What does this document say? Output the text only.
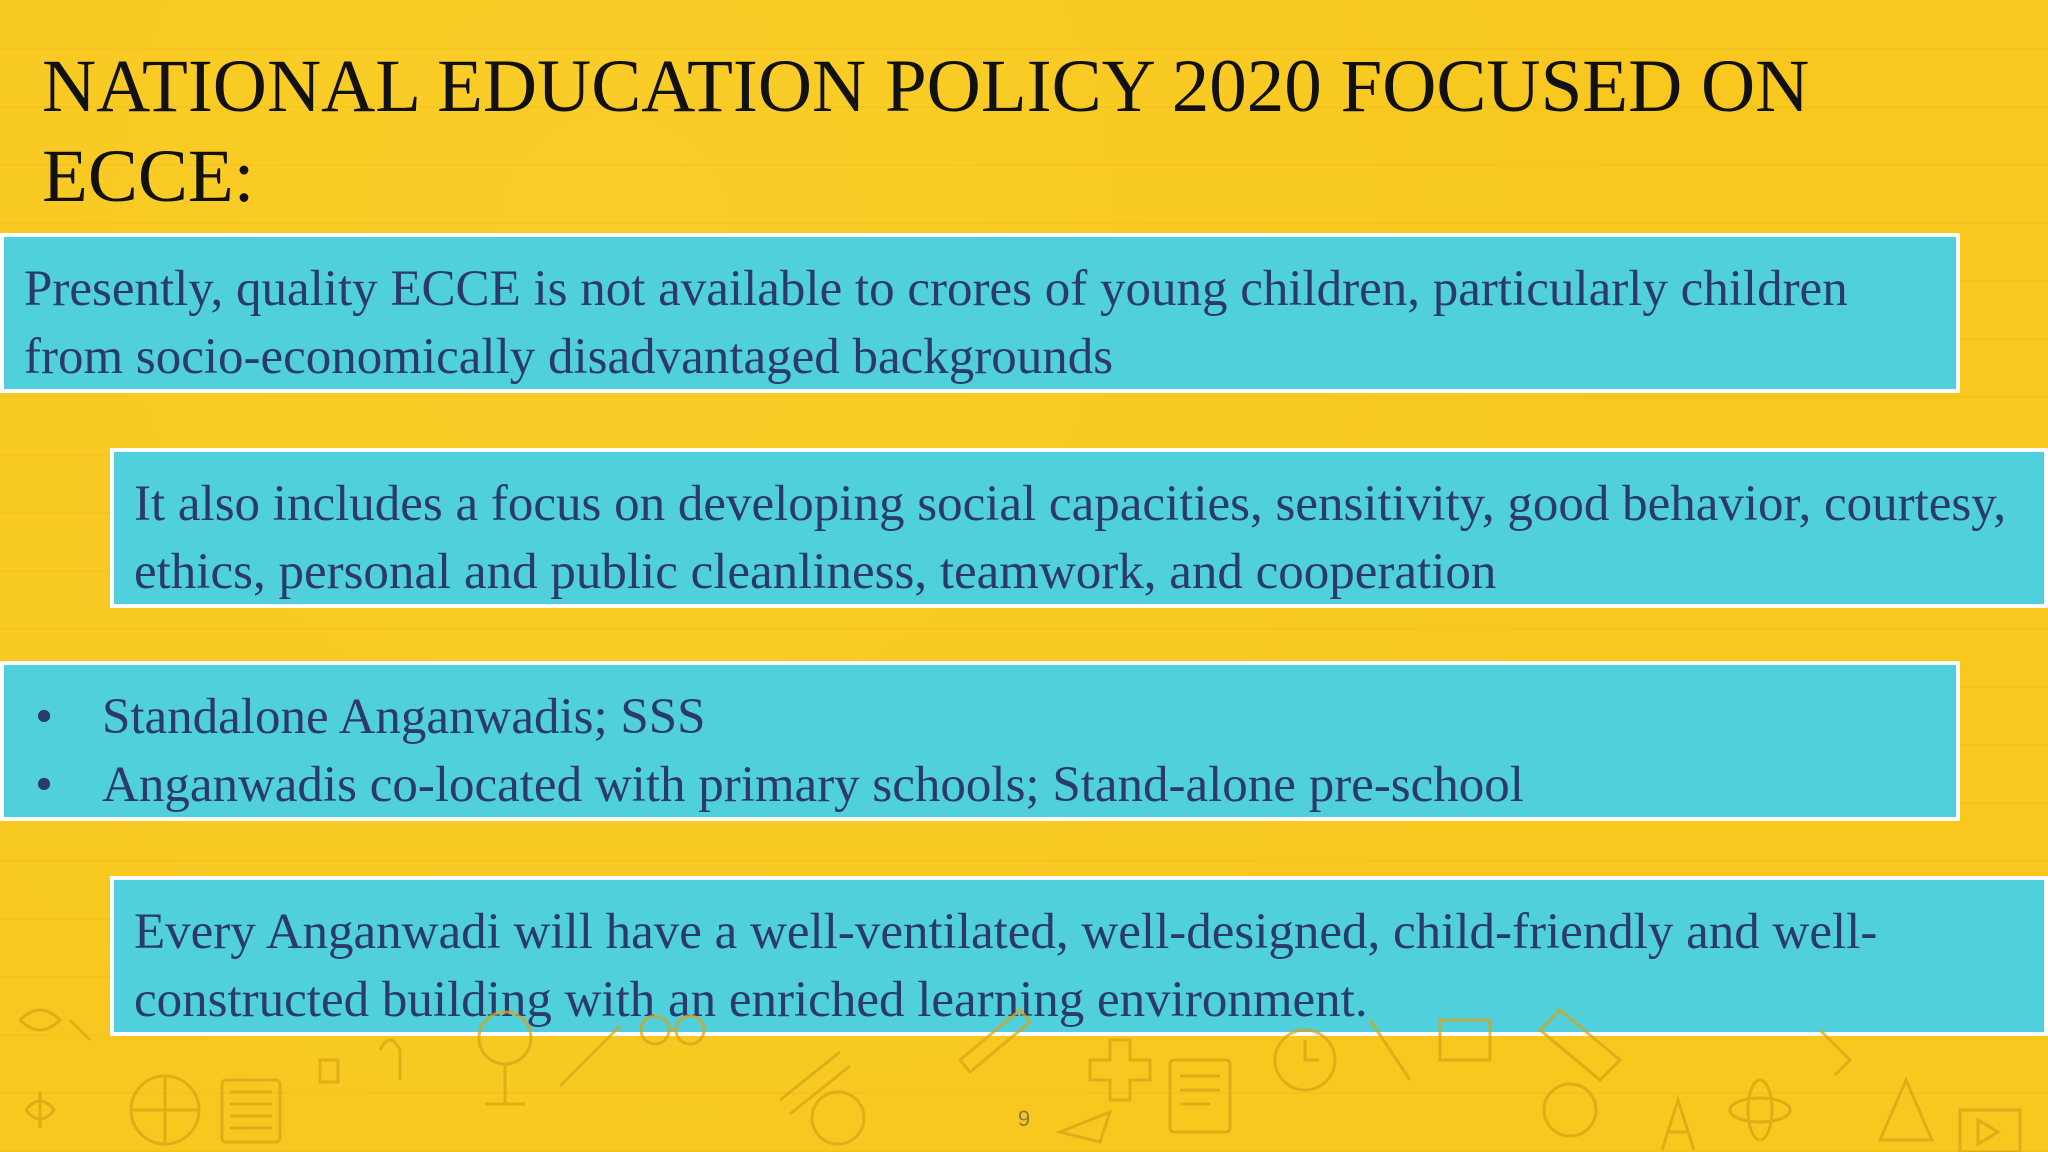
NATIONAL EDUCATION POLICY 2020 FOCUSED ON ECCE:

Presently, quality ECCE is not available to crores of young children, particularly children from socio-economically disadvantaged backgrounds

It also includes a focus on developing social capacities, sensitivity, good behavior, courtesy, ethics, personal and public cleanliness, teamwork, and cooperation

• Standalone Anganwadis; SSS
• Anganwadis co-located with primary schools; Stand-alone pre-school

Every Anganwadi will have a well-ventilated, well-designed, child-friendly and well-constructed building with an enriched learning environment.

9
